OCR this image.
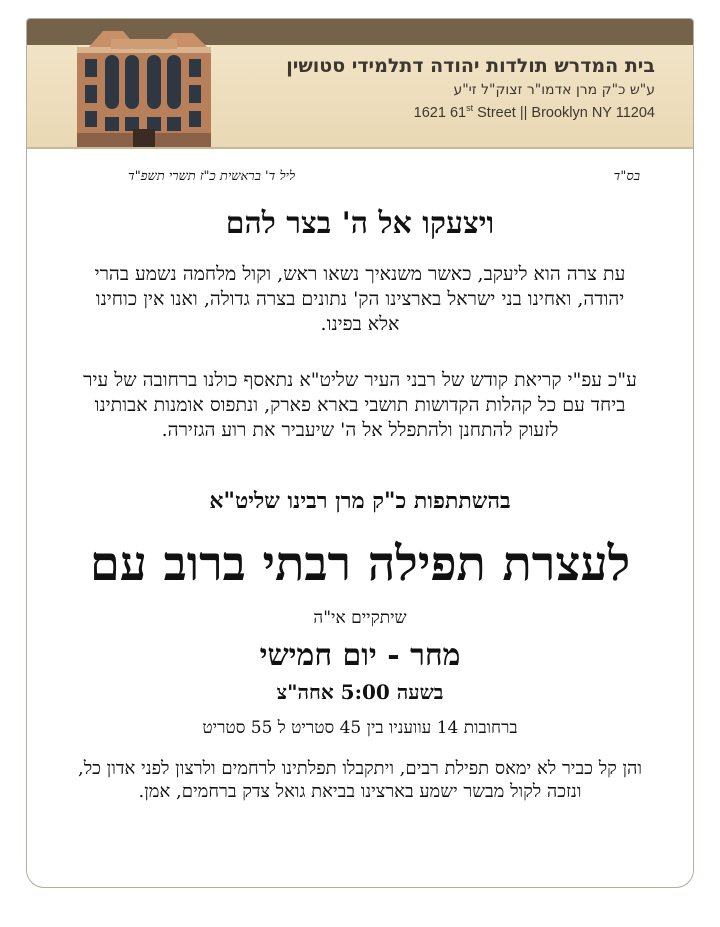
בית המדרש תולדות יהודה דתלמידי סטושין
ע"ש כ"ק מרן אדמו"ר זצוק"ל זי"ע
1621 61st Street || Brooklyn NY 11204
בס"ד
ליל ד' בראשית כ"ז תשרי תשפ"ד
ויצעקו אל ה' בצר להם
עת צרה הוא ליעקב, כאשר משנאיך נשאו ראש, וקול מלחמה נשמע בהרי יהודה, ואחינו בני ישראל בארצינו הק' נתונים בצרה גדולה, ואנו אין כוחינו אלא בפינו.
ע"כ עפ"י קריאת קודש של רבני העיר שליט"א נתאסף כולנו ברחובה של עיר ביחד עם כל קהלות הקדושות תושבי בארא פארק, ונתפוס אומנות אבותינו לזעוק להתחנן ולהתפלל אל ה' שיעביר את רוע הגזירה.
בהשתתפות כ"ק מרן רבינו שליט"א
לעצרת תפילה רבתי ברוב עם
שיתקיים אי"ה
מחר - יום חמישי
בשעה 5:00 אחה"צ
ברחובות 14 עוועניו בין 45 סטריט ל 55 סטריט
והן קל כביר לא ימאס תפילת רבים, ויתקבלו תפלתינו לרחמים ולרצון לפני אדון כל, ונזכה לקול מבשר ישמע בארצינו בביאת גואל צדק ברחמים, אמן.
